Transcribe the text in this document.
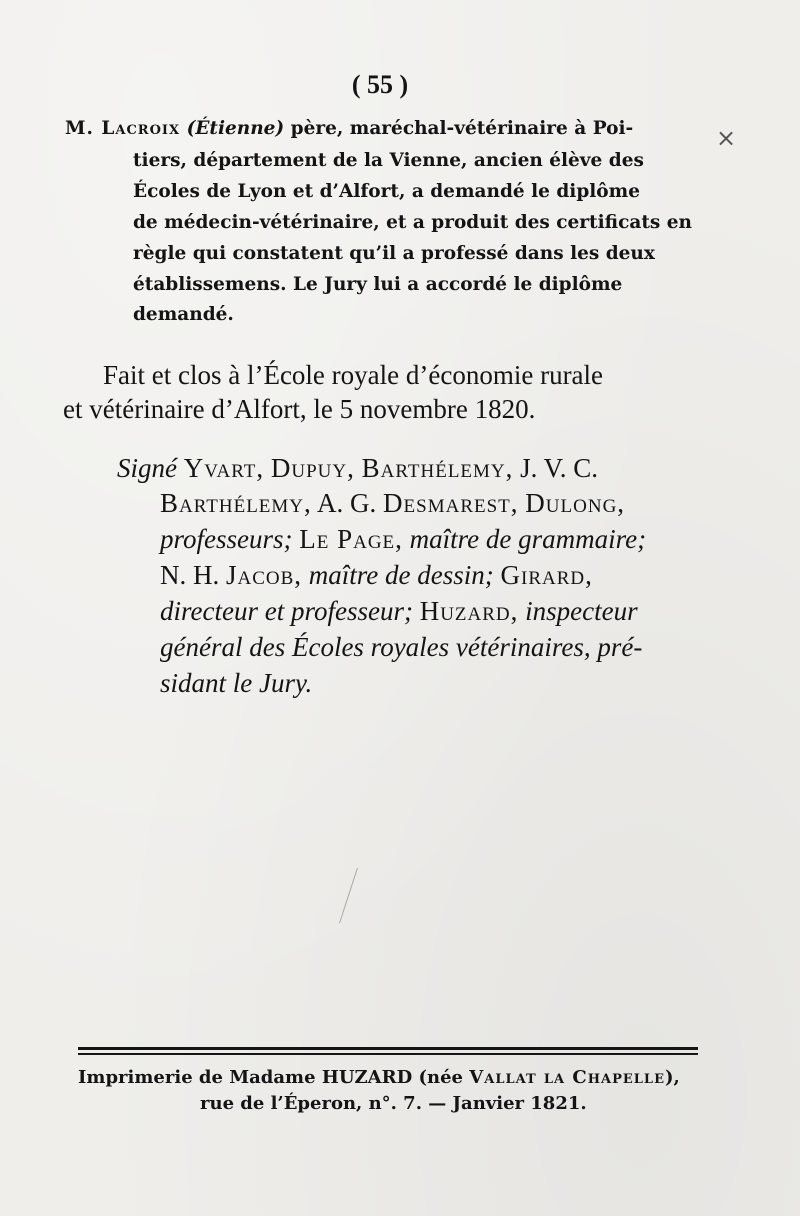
( 55 )
×
M. Lacroix (Étienne) père, maréchal-vétérinaire à Poi-
tiers, département de la Vienne, ancien élève des
Écoles de Lyon et d’Alfort, a demandé le diplôme
de médecin-vétérinaire, et a produit des certificats en
règle qui constatent qu’il a professé dans les deux
établissemens. Le Jury lui a accordé le diplôme
demandé.
Fait et clos à l’École royale d’économie rurale
et vétérinaire d’Alfort, le 5 novembre 1820.
Signé Yvart, Dupuy, Barthélemy, J. V. C.
Barthélemy, A. G. Desmarest, Dulong,
professeurs; Le Page, maître de grammaire;
N. H. Jacob, maître de dessin; Girard,
directeur et professeur; Huzard, inspecteur
général des Écoles royales vétérinaires, pré-
sidant le Jury.
Imprimerie de Madame HUZARD (née Vallat la Chapelle),
rue de l’Éperon, n°. 7. — Janvier 1821.
